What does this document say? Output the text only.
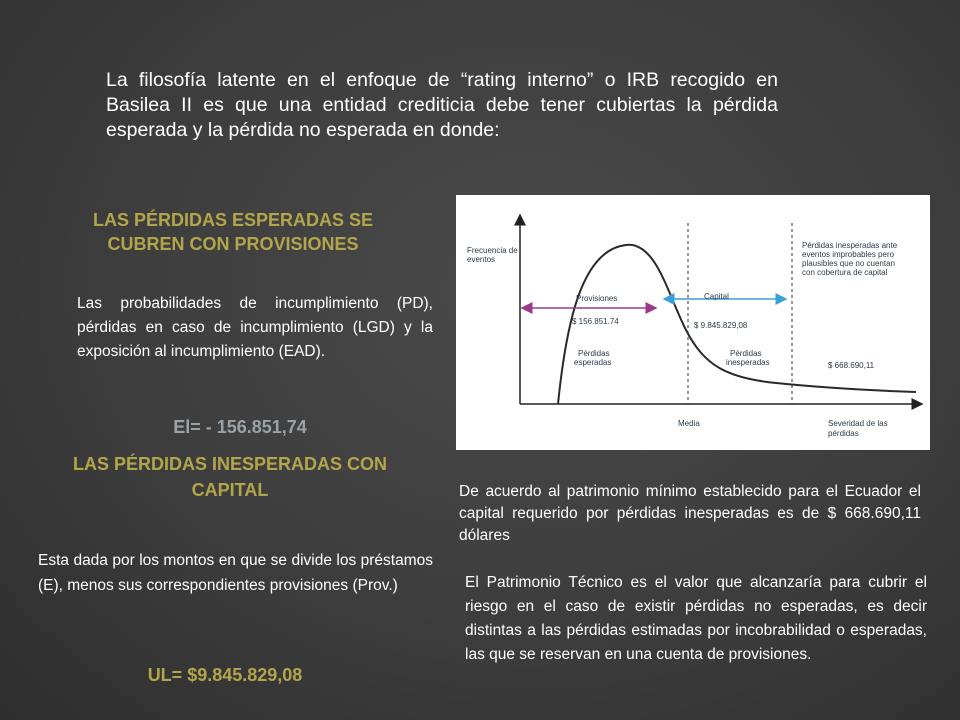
La filosofía latente en el enfoque de “rating interno” o IRB recogido en Basilea II es que una entidad crediticia debe tener cubiertas la pérdida esperada y la pérdida no esperada en donde:
LAS PÉRDIDAS ESPERADAS SE CUBREN CON PROVISIONES
Las probabilidades de incumplimiento (PD), pérdidas en caso de incumplimiento (LGD) y la exposición al incumplimiento (EAD).
El= - 156.851,74
LAS PÉRDIDAS INESPERADAS CON CAPITAL
Esta dada por los montos en que se divide los préstamos (E), menos sus correspondientes provisiones (Prov.)
UL= $9.845.829,08
Frecuencia de
eventos
Provisiones
$ 156.851.74
Pérdidas
esperadas
Capital
$ 9.845.829,08
Pérdidas
inesperadas
Pérdidas inesperadas ante
eventos improbables pero
plausibles que no cuentan
con cobertura de capital
$ 668.690,11
Media	Severidad de las
pérdidas
De acuerdo al patrimonio mínimo establecido para el Ecuador el capital requerido por pérdidas inesperadas es de $ 668.690,11 dólares
El Patrimonio Técnico es el valor que alcanzaría para cubrir el riesgo en el caso de existir pérdidas no esperadas, es decir distintas a las pérdidas estimadas por incobrabilidad o esperadas, las que se reservan en una cuenta de provisiones.
